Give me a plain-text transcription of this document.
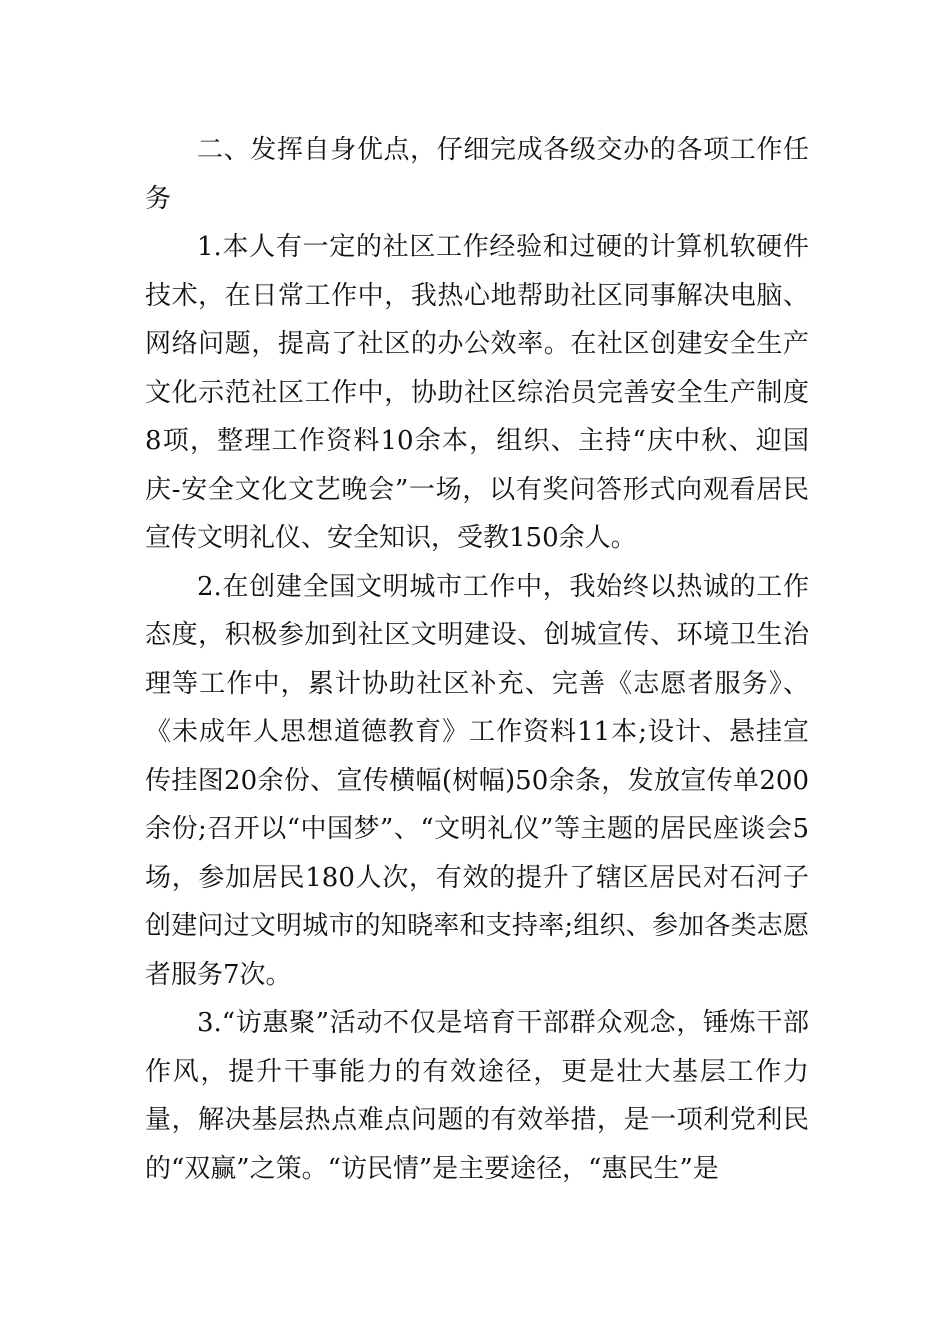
二、发挥自身优点，仔细完成各级交办的各项工作任务

1.本人有一定的社区工作经验和过硬的计算机软硬件技术，在日常工作中，我热心地帮助社区同事解决电脑、网络问题，提高了社区的办公效率。在社区创建安全生产文化示范社区工作中，协助社区综治员完善安全生产制度8项，整理工作资料10余本，组织、主持“庆中秋、迎国庆-安全文化文艺晚会”一场，以有奖问答形式向观看居民宣传文明礼仪、安全知识，受教150余人。

2.在创建全国文明城市工作中，我始终以热诚的工作态度，积极参加到社区文明建设、创城宣传、环境卫生治理等工作中，累计协助社区补充、完善《志愿者服务》、《未成年人思想道德教育》工作资料11本;设计、悬挂宣传挂图20余份、宣传横幅(树幅)50余条，发放宣传单200余份;召开以“中国梦”、“文明礼仪”等主题的居民座谈会5场，参加居民180人次，有效的提升了辖区居民对石河子创建问过文明城市的知晓率和支持率;组织、参加各类志愿者服务7次。

3.“访惠聚”活动不仅是培育干部群众观念，锤炼干部作风，提升干事能力的有效途径，更是壮大基层工作力量，解决基层热点难点问题的有效举措，是一项利党利民的“双赢”之策。“访民情”是主要途径，“惠民生”是
